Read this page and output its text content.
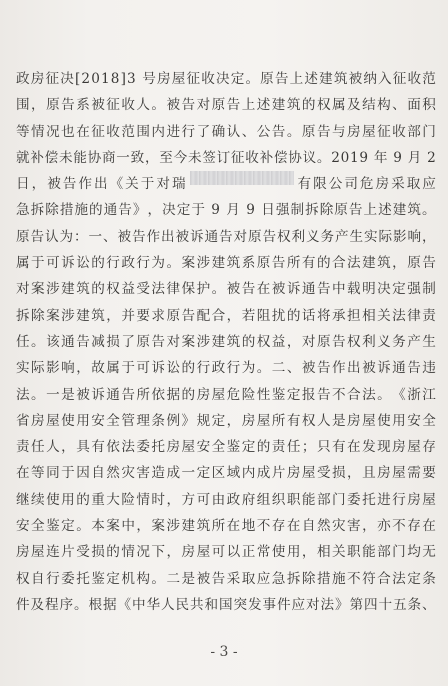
政 房 征 决 [ 2 0 1 8 ] 3
号 房 屋 征 收 决 定 。 原 告 上 述 建 筑 被 纳 入 征 收 范
围 ， 原 告 系 被 征 收 人 。 被 告 对 原 告 上 述 建 筑 的 权 属 及 结 构 、 面 积
等 情 况 也 在 征 收 范 围 内 进 行 了 确 认 、 公 告 。 原 告 与 房 屋 征 收 部 门
就 补 偿 未 能 协 商 一 致 ， 至 今 未 签 订 征 收 补 偿 协 议 。 2 0 1 9
年
9
月
2
日 ， 被 告 作 出 《 关 于 对 瑞	有 限 公 司 危 房 采 取 应
急 拆 除 措 施 的 通 告 》 ， 决 定 于
9
月
9
日 强 制 拆 除 原 告 上 述 建 筑 。
原 告 认 为 ： 一 、 被 告 作 出 被 诉 通 告 对 原 告 权 利 义 务 产 生 实 际 影 响 ，
属 于 可 诉 讼 的 行 政 行 为 。 案 涉 建 筑 系 原 告 所 有 的 合 法 建 筑 ， 原 告
对 案 涉 建 筑 的 权 益 受 法 律 保 护 。 被 告 在 被 诉 通 告 中 载 明 决 定 强 制
拆 除 案 涉 建 筑 ， 并 要 求 原 告 配 合 ， 若 阻 扰 的 话 将 承 担 相 关 法 律 责
任 。 该 通 告 减 损 了 原 告 对 案 涉 建 筑 的 权 益 ， 对 原 告 权 利 义 务 产 生
实 际 影 响 ， 故 属 于 可 诉 讼 的 行 政 行 为 。 二 、 被 告 作 出 被 诉 通 告 违
法 。 一 是 被 诉 通 告 所 依 据 的 房 屋 危 险 性 鉴 定 报 告 不 合 法 。 《 浙 江
省 房 屋 使 用 安 全 管 理 条 例 》 规 定 ， 房 屋 所 有 权 人 是 房 屋 使 用 安 全
责 任 人 ， 具 有 依 法 委 托 房 屋 安 全 鉴 定 的 责 任 ； 只 有 在 发 现 房 屋 存
在 等 同 于 因 自 然 灾 害 造 成 一 定 区 域 内 成 片 房 屋 受 损 ， 且 房 屋 需 要
继 续 使 用 的 重 大 险 情 时 ， 方 可 由 政 府 组 织 职 能 部 门 委 托 进 行 房 屋
安 全 鉴 定 。 本 案 中 ， 案 涉 建 筑 所 在 地 不 存 在 自 然 灾 害 ， 亦 不 存 在
房 屋 连 片 受 损 的 情 况 下 ， 房 屋 可 以 正 常 使 用 ， 相 关 职 能 部 门 均 无
权 自 行 委 托 鉴 定 机 构 。 二 是 被 告 采 取 应 急 拆 除 措 施 不 符 合 法 定 条
件 及 程 序 。 根 据 《 中 华 人 民 共 和 国 突 发 事 件 应 对 法 》 第 四 十 五 条 、
- 3 -
